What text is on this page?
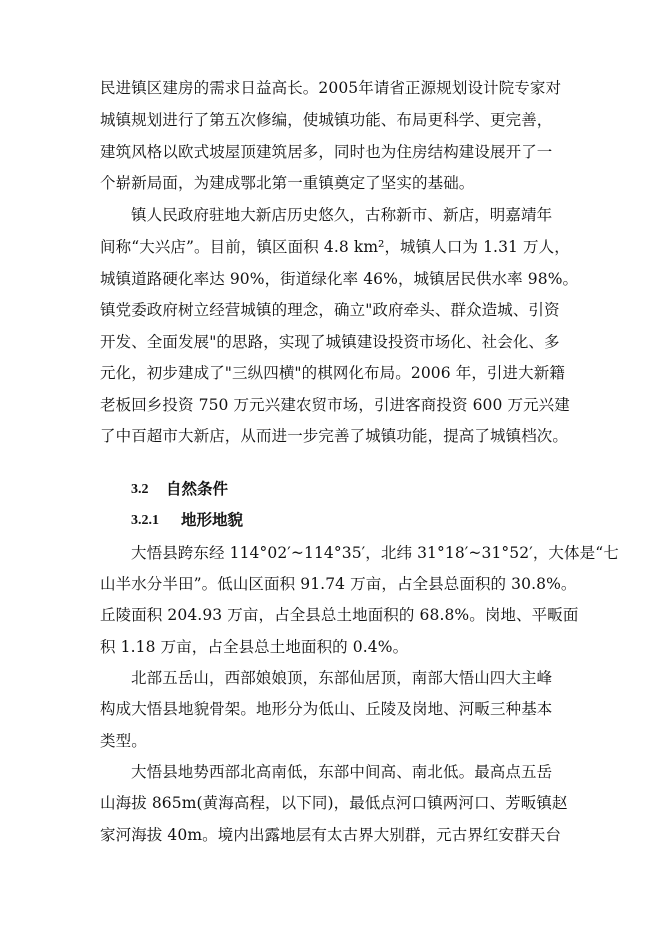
民进镇区建房的需求日益高长。2005年请省正源规划设计院专家对
城镇规划进行了第五次修编，使城镇功能、布局更科学、更完善，
建筑风格以欧式坡屋顶建筑居多，同时也为住房结构建设展开了一
个崭新局面，为建成鄂北第一重镇奠定了坚实的基础。
镇人民政府驻地大新店历史悠久，古称新市、新店，明嘉靖年
间称“大兴店”。目前，镇区面积 4.8 km²，城镇人口为 1.31 万人，
城镇道路硬化率达 90%，街道绿化率 46%，城镇居民供水率 98%。
镇党委政府树立经营城镇的理念，确立"政府牵头、群众造城、引资
开发、全面发展"的思路，实现了城镇建设投资市场化、社会化、多
元化，初步建成了"三纵四横"的棋网化布局。2006 年，引进大新籍
老板回乡投资 750 万元兴建农贸市场，引进客商投资 600 万元兴建
了中百超市大新店，从而进一步完善了城镇功能，提高了城镇档次。
3.2 自然条件
3.2.1 地形地貌
大悟县跨东经 114°02′~114°35′，北纬 31°18′~31°52′，大体是“七
山半水分半田”。低山区面积 91.74 万亩，占全县总面积的 30.8%。
丘陵面积 204.93 万亩，占全县总土地面积的 68.8%。岗地、平畈面
积 1.18 万亩，占全县总土地面积的 0.4%。
北部五岳山，西部娘娘顶，东部仙居顶，南部大悟山四大主峰
构成大悟县地貌骨架。地形分为低山、丘陵及岗地、河畈三种基本
类型。
大悟县地势西部北高南低，东部中间高、南北低。最高点五岳
山海拔 865m(黄海高程，以下同)，最低点河口镇两河口、芳畈镇赵
家河海拔 40m。境内出露地层有太古界大别群，元古界红安群天台
